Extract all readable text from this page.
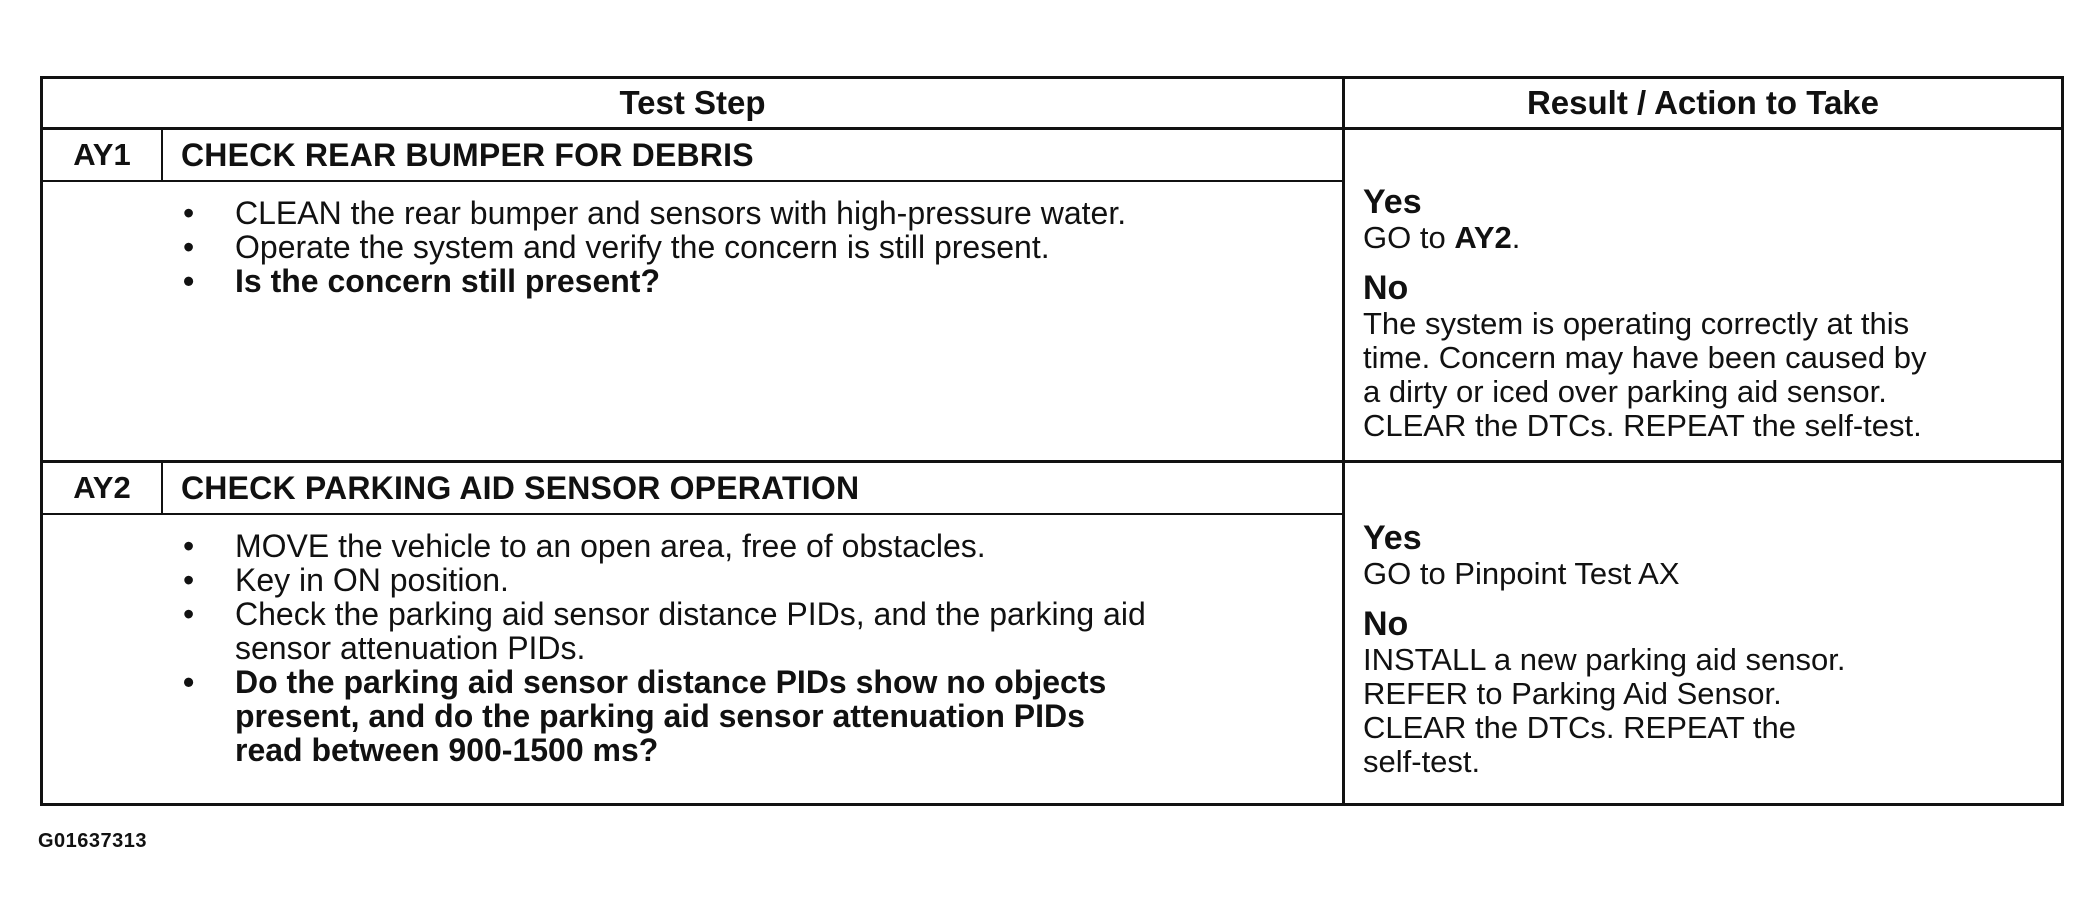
Test Step
AY1	CHECK REAR BUMPER FOR DEBRIS
• CLEAN the rear bumper and sensors with high-pressure water.
• Operate the system and verify the concern is still present.
• Is the concern still present?
AY2	CHECK PARKING AID SENSOR OPERATION
• MOVE the vehicle to an open area, free of obstacles.
• Key in ON position.
• Check the parking aid sensor distance PIDs, and the parking aid
sensor attenuation PIDs.
• Do the parking aid sensor distance PIDs show no objects
present, and do the parking aid sensor attenuation PIDs
read between 900-1500 ms?
Result / Action to Take
Yes
GO to AY2.
No
The system is operating correctly at this
time. Concern may have been caused by
a dirty or iced over parking aid sensor.
CLEAR the DTCs. REPEAT the self-test.
Yes
GO to Pinpoint Test AX
No
INSTALL a new parking aid sensor.
REFER to Parking Aid Sensor.
CLEAR the DTCs. REPEAT the
self-test.
G01637313
